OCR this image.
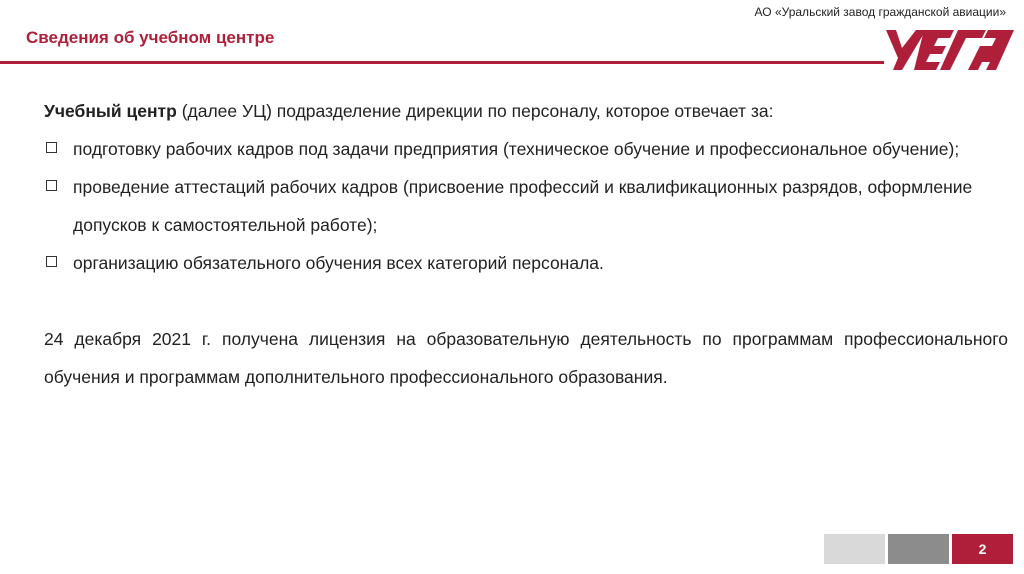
АО «Уральский завод гражданской авиации»
Сведения об учебном центре
Учебный центр (далее УЦ) подразделение дирекции по персоналу, которое отвечает за:
подготовку рабочих кадров под задачи предприятия (техническое обучение и профессиональное обучение);
проведение аттестаций рабочих кадров (присвоение профессий и квалификационных разрядов, оформление допусков к самостоятельной работе);
организацию обязательного обучения всех категорий персонала.

24 декабря 2021 г. получена лицензия на образовательную деятельность по программам профессионального обучения и программам дополнительного профессионального образования.

2
